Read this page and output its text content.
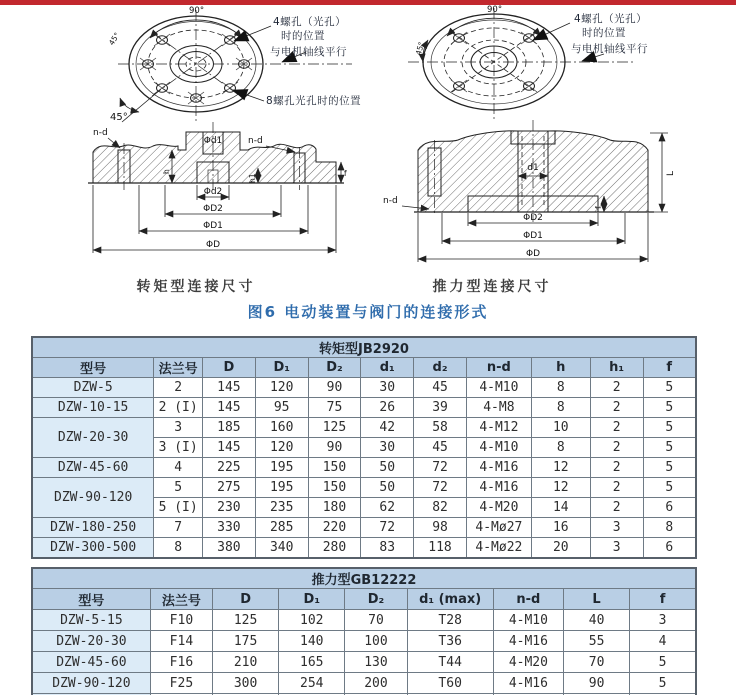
90°
45°
45°
4螺孔（光孔）
时的位置
与电机轴线平行
8螺孔光孔时的位置
90°
45°
4螺孔（光孔）
时的位置
与电机轴线平行
n-d
n-d
Φd1
Φd2
ΦD2
ΦD1
ΦD
h
h1	f
d1
n-d
ΦD2
ΦD1
ΦD
L
f
转矩型连接尺寸	推力型连接尺寸
图6 电动装置与阀门的连接形式
转矩型JB2920										
型号	法兰号	D	D₁	D₂	d₁	d₂	n-d	h	h₁	f
DZW-5	2	145	120	90	30	45	4-M10	8	2	5
DZW-10-15	2 (I)	145	95	75	26	39	4-M8	8	2	5
DZW-20-30	3	185	160	125	42	58	4-M12	10	2	5
	3 (I)	145	120	90	30	45	4-M10	8	2	5
DZW-45-60	4	225	195	150	50	72	4-M16	12	2	5
DZW-90-120	5	275	195	150	50	72	4-M16	12	2	5
	5 (I)	230	235	180	62	82	4-M20	14	2	6
DZW-180-250	7	330	285	220	72	98	4-Mø27	16	3	8
DZW-300-500	8	380	340	280	83	118	4-Mø22	20	3	6
推力型GB12222								
型号	法兰号	D	D₁	D₂	d₁ (max)	n-d	L	f
DZW-5-15	F10	125	102	70	T28	4-M10	40	3
DZW-20-30	F14	175	140	100	T36	4-M16	55	4
DZW-45-60	F16	210	165	130	T44	4-M20	70	5
DZW-90-120	F25	300	254	200	T60	4-M16	90	5
